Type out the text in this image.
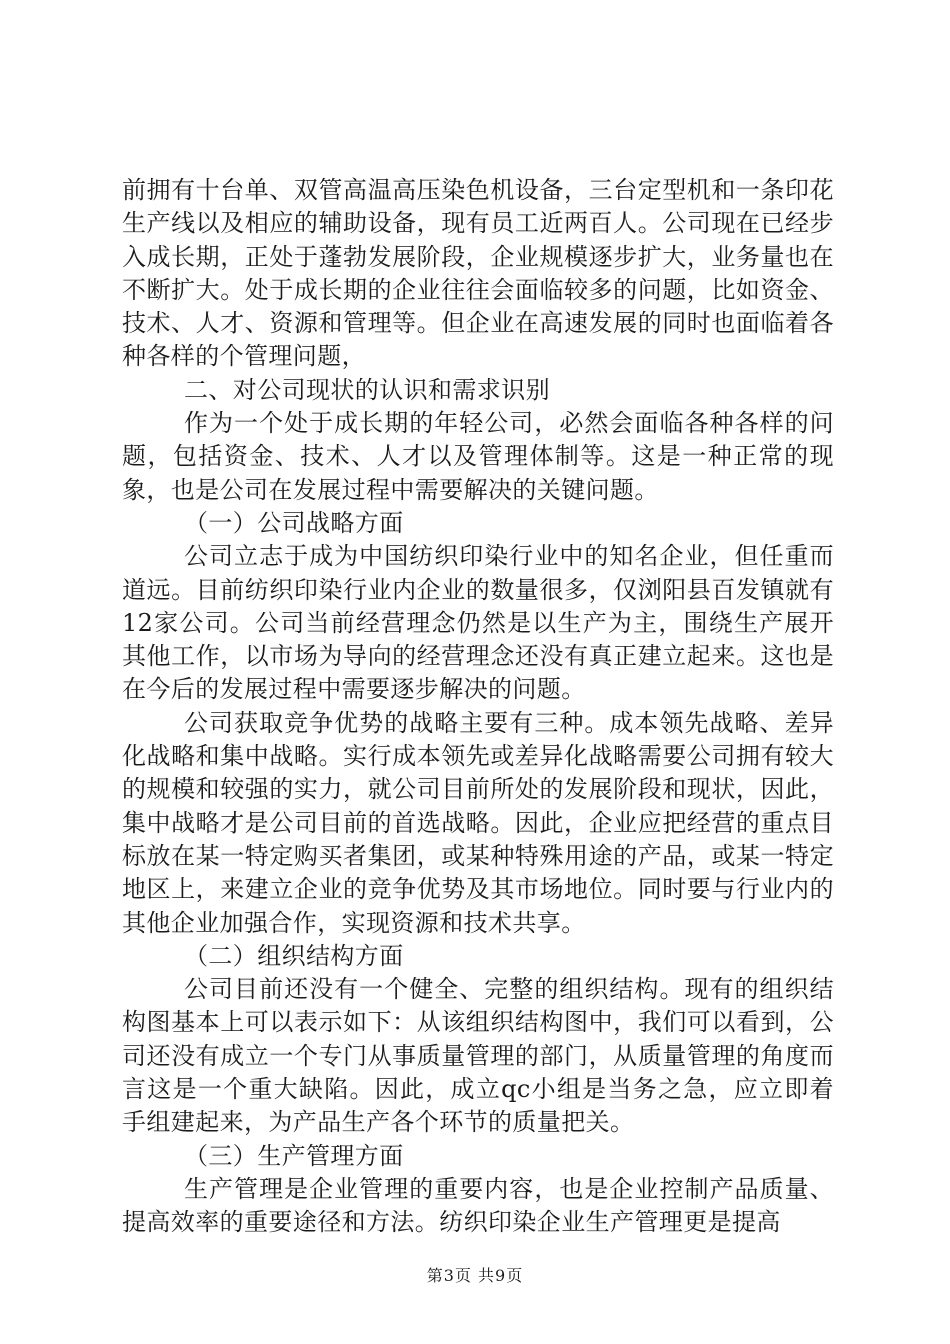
前拥有十台单、双管高温高压染色机设备，三台定型机和一条印花生产线以及相应的辅助设备，现有员工近两百人。公司现在已经步入成长期，正处于蓬勃发展阶段，企业规模逐步扩大，业务量也在不断扩大。处于成长期的企业往往会面临较多的问题，比如资金、技术、人才、资源和管理等。但企业在高速发展的同时也面临着各种各样的个管理问题，

二、对公司现状的认识和需求识别

作为一个处于成长期的年轻公司，必然会面临各种各样的问题，包括资金、技术、人才以及管理体制等。这是一种正常的现象，也是公司在发展过程中需要解决的关键问题。

（一）公司战略方面

公司立志于成为中国纺织印染行业中的知名企业，但任重而道远。目前纺织印染行业内企业的数量很多，仅浏阳县百发镇就有12家公司。公司当前经营理念仍然是以生产为主，围绕生产展开其他工作，以市场为导向的经营理念还没有真正建立起来。这也是在今后的发展过程中需要逐步解决的问题。

公司获取竞争优势的战略主要有三种。成本领先战略、差异化战略和集中战略。实行成本领先或差异化战略需要公司拥有较大的规模和较强的实力，就公司目前所处的发展阶段和现状，因此，集中战略才是公司目前的首选战略。因此，企业应把经营的重点目标放在某一特定购买者集团，或某种特殊用途的产品，或某一特定地区上，来建立企业的竞争优势及其市场地位。同时要与行业内的其他企业加强合作，实现资源和技术共享。

（二）组织结构方面

公司目前还没有一个健全、完整的组织结构。现有的组织结构图基本上可以表示如下：从该组织结构图中，我们可以看到，公司还没有成立一个专门从事质量管理的部门，从质量管理的角度而言这是一个重大缺陷。因此，成立qc小组是当务之急，应立即着手组建起来，为产品生产各个环节的质量把关。

（三）生产管理方面

生产管理是企业管理的重要内容，也是企业控制产品质量、提高效率的重要途径和方法。纺织印染企业生产管理更是提高

第3页 共9页
